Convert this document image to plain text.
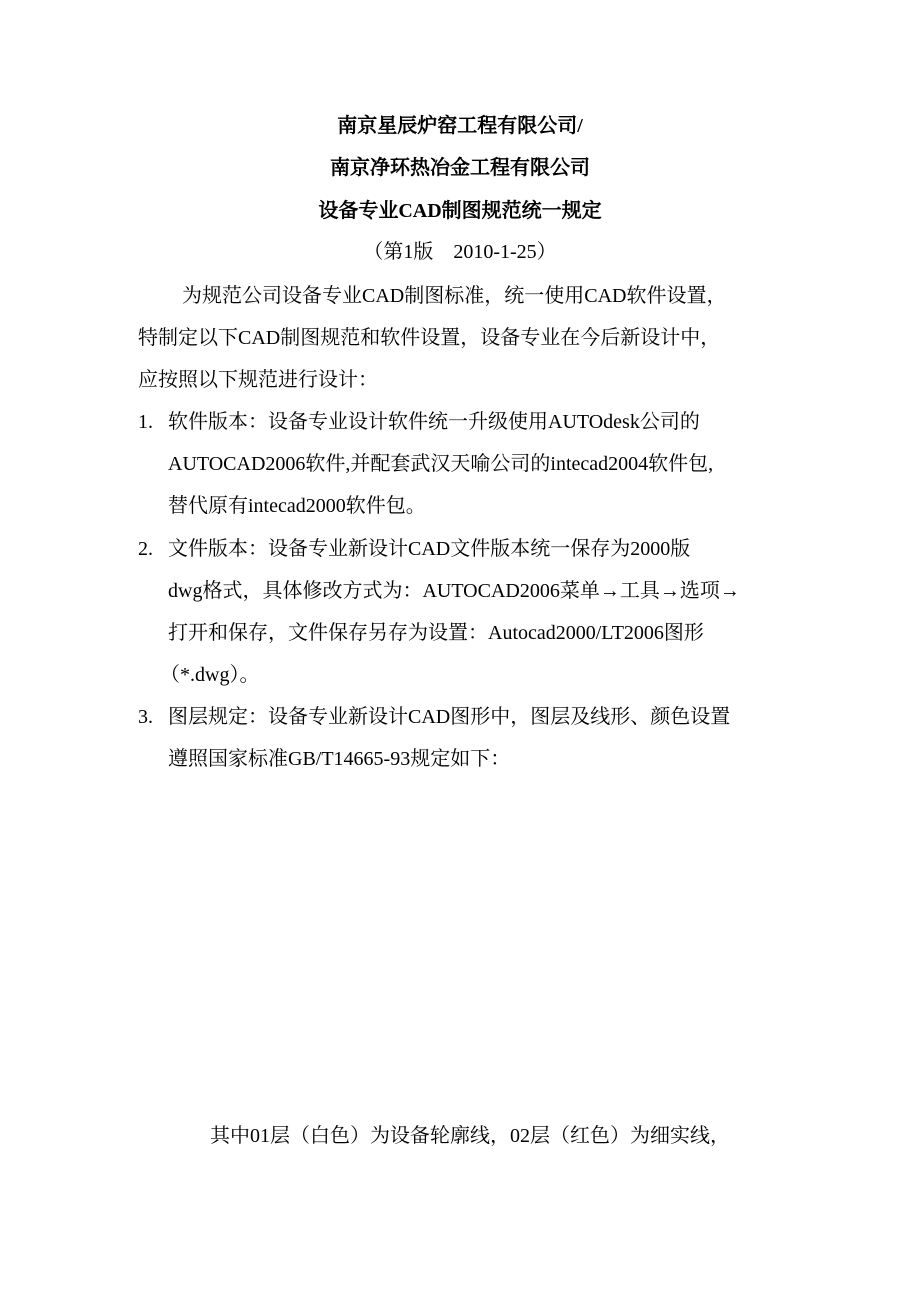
南京星辰炉窑工程有限公司/
南京净环热冶金工程有限公司
设备专业CAD制图规范统一规定
（第1版　2010-1-25）
为规范公司设备专业CAD制图标准，统一使用CAD软件设置，
特制定以下CAD制图规范和软件设置，设备专业在今后新设计中，
应按照以下规范进行设计：
1. 软件版本：设备专业设计软件统一升级使用AUTOdesk公司的
AUTOCAD2006软件,并配套武汉天喻公司的intecad2004软件包,
替代原有intecad2000软件包。
2. 文件版本：设备专业新设计CAD文件版本统一保存为2000版
dwg格式，具体修改方式为：AUTOCAD2006菜单→工具→选项→
打开和保存，文件保存另存为设置：Autocad2000/LT2006图形
（*.dwg）。
3. 图层规定：设备专业新设计CAD图形中，图层及线形、颜色设置
遵照国家标准GB/T14665-93规定如下：
其中01层（白色）为设备轮廓线，02层（红色）为细实线，
